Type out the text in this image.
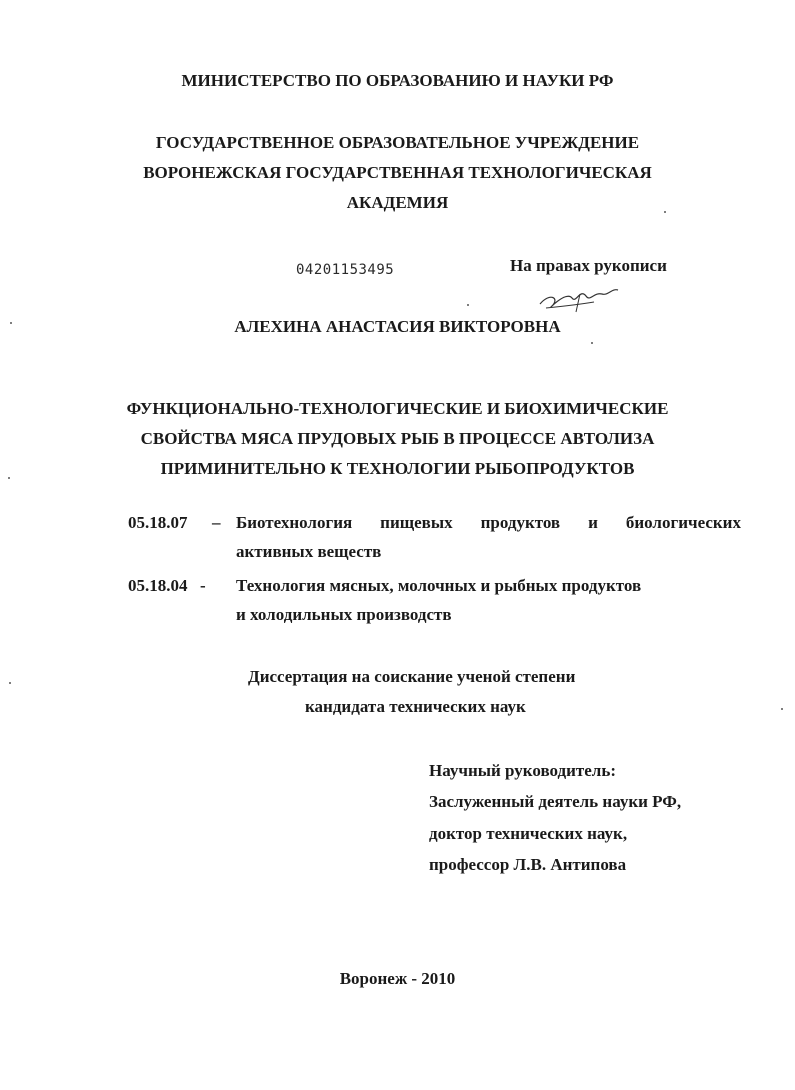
МИНИСТЕРСТВО ПО ОБРАЗОВАНИЮ И НАУКИ РФ
ГОСУДАРСТВЕННОЕ ОБРАЗОВАТЕЛЬНОЕ УЧРЕЖДЕНИЕ
ВОРОНЕЖСКАЯ ГОСУДАРСТВЕННАЯ ТЕХНОЛОГИЧЕСКАЯ
АКАДЕМИЯ
04201153495	На правах рукописи
АЛЕХИНА АНАСТАСИЯ ВИКТОРОВНА
ФУНКЦИОНАЛЬНО-ТЕХНОЛОГИЧЕСКИЕ И БИОХИМИЧЕСКИЕ
СВОЙСТВА МЯСА ПРУДОВЫХ РЫБ В ПРОЦЕССЕ АВТОЛИЗА
ПРИМИНИТЕЛЬНО К ТЕХНОЛОГИИ РЫБОПРОДУКТОВ
05.18.07 – Биотехнология пищевых продуктов и биологических
активных веществ
05.18.04 - Технология мясных, молочных и рыбных продуктов
и холодильных производств
Диссертация на соискание ученой степени
кандидата технических наук
Научный руководитель:
Заслуженный деятель науки РФ,
доктор технических наук,
профессор Л.В. Антипова
Воронеж - 2010
